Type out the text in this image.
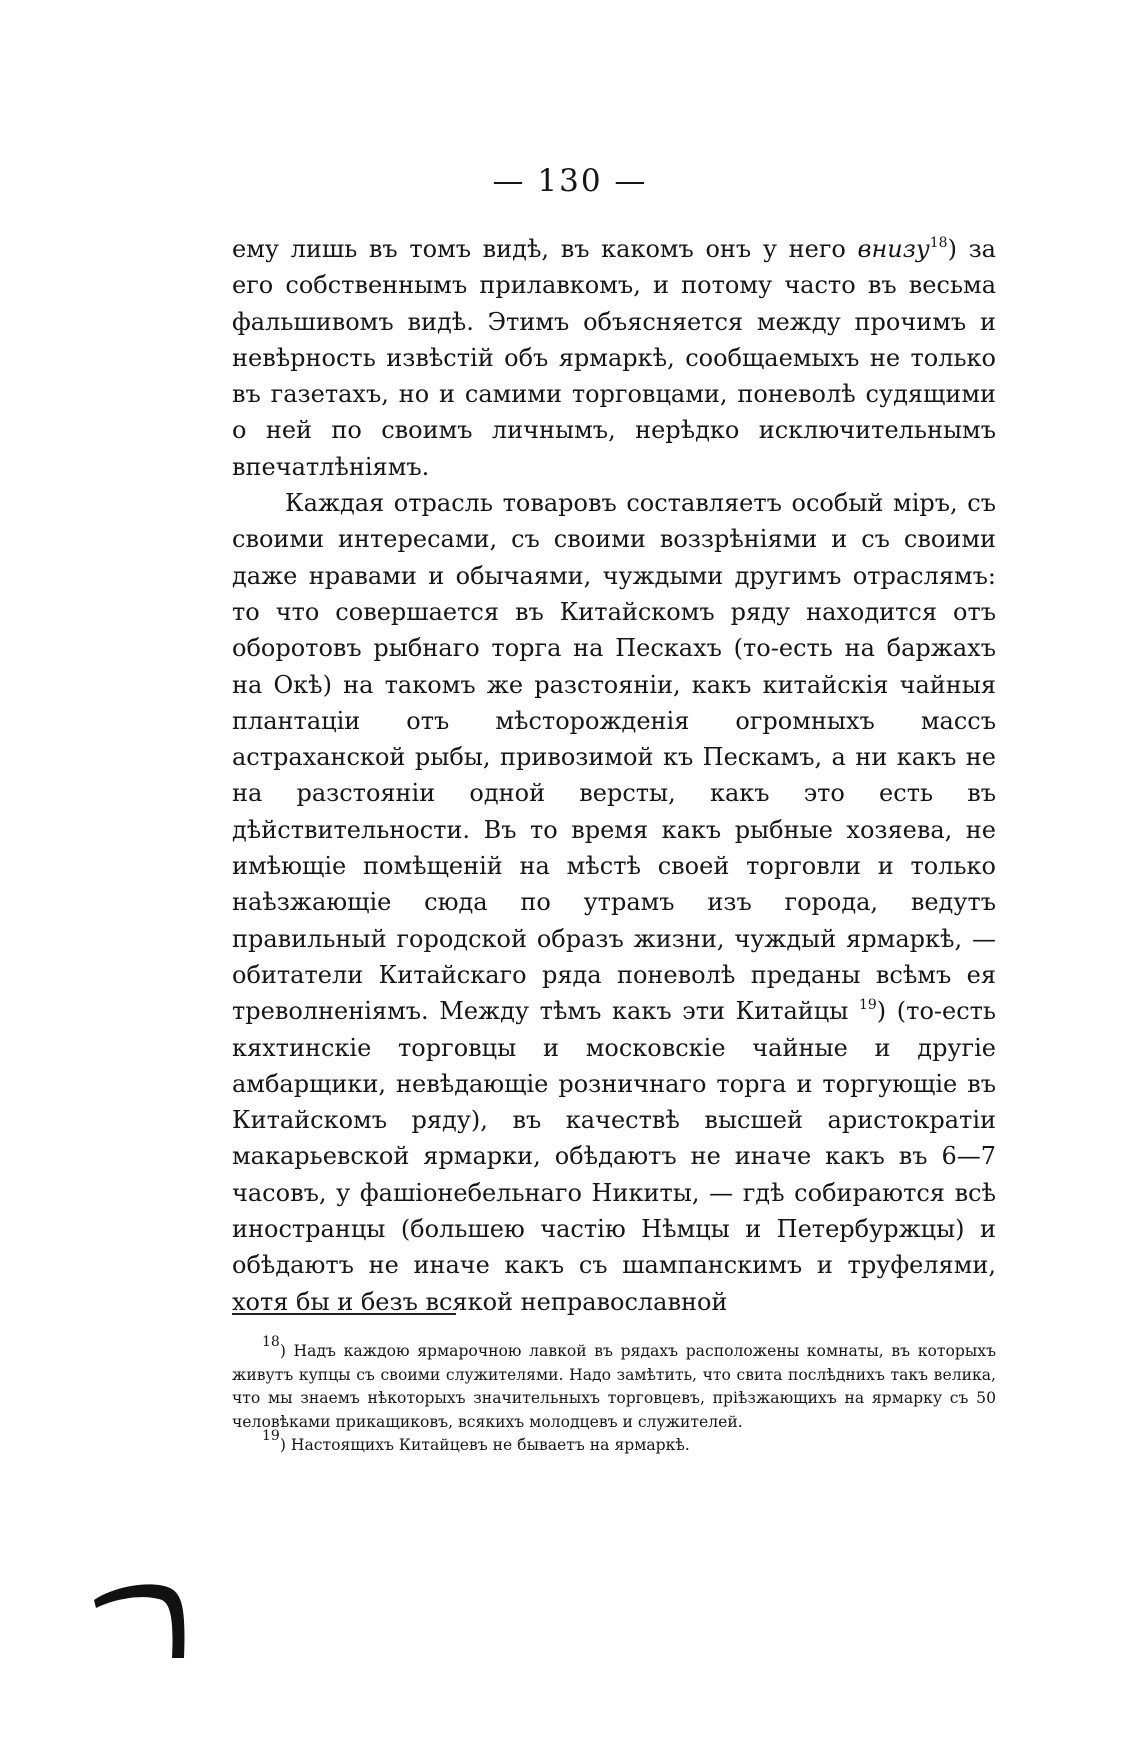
— 130 —

ему лишь въ томъ видѣ, въ какомъ онъ у него внизу$^{18}$) за его собственнымъ прилавкомъ, и потому часто въ весьма фальшивомъ видѣ. Этимъ объясняется между прочимъ и невѣрность извѣстій объ ярмаркѣ, сообщаемыхъ не только въ газетахъ, но и самими торговцами, поневолѣ судящими о ней по своимъ личнымъ, нерѣдко исключительнымъ впечатлѣніямъ.

Каждая отрасль товаровъ составляетъ особый міръ, съ своими интересами, съ своими воззрѣніями и съ своими даже нравами и обычаями, чуждыми другимъ отраслямъ: то что совершается въ Китайскомъ ряду находится отъ оборотовъ рыбнаго торга на Пескахъ (то-есть на баржахъ на Окѣ) на такомъ же разстояніи, какъ китайскія чайныя плантаціи отъ мѣсторожденія огромныхъ массъ астраханской рыбы, привозимой къ Пескамъ, а ни какъ не на разстояніи одной версты, какъ это есть въ дѣйствительности. Въ то время какъ рыбные хозяева, не имѣющіе помѣщеній на мѣстѣ своей торговли и только наѣзжающіе сюда по утрамъ изъ города, ведутъ правильный городской образъ жизни, чуждый ярмаркѣ, — обитатели Китайскаго ряда поневолѣ преданы всѣмъ ея треволненіямъ. Между тѣмъ какъ эти Китайцы $^{19}$) (то-есть кяхтинскіе торговцы и московскіе чайные и другіе амбарщики, невѣдающіе розничнаго торга и торгующіе въ Китайскомъ ряду), въ качествѣ высшей аристократіи макарьевской ярмарки, обѣдаютъ не иначе какъ въ 6—7 часовъ, у фашіонебельнаго Никиты, — гдѣ собираются всѣ иностранцы (большею частію Нѣмцы и Петербуржцы) и обѣдаютъ не иначе какъ съ шампанскимъ и труфелями, хотя бы и безъ всякой неправославной

$^{18}$) Надъ каждою ярмарочною лавкой въ рядахъ расположены комнаты, въ которыхъ живутъ купцы съ своими служителями. Надо замѣтить, что свита послѣднихъ такъ велика, что мы знаемъ нѣкоторыхъ значительныхъ торговцевъ, пріѣзжающихъ на ярмарку съ 50 человѣками прикащиковъ, всякихъ молодцевъ и служителей.

$^{19}$) Настоящихъ Китайцевъ не бываетъ на ярмаркѣ.
